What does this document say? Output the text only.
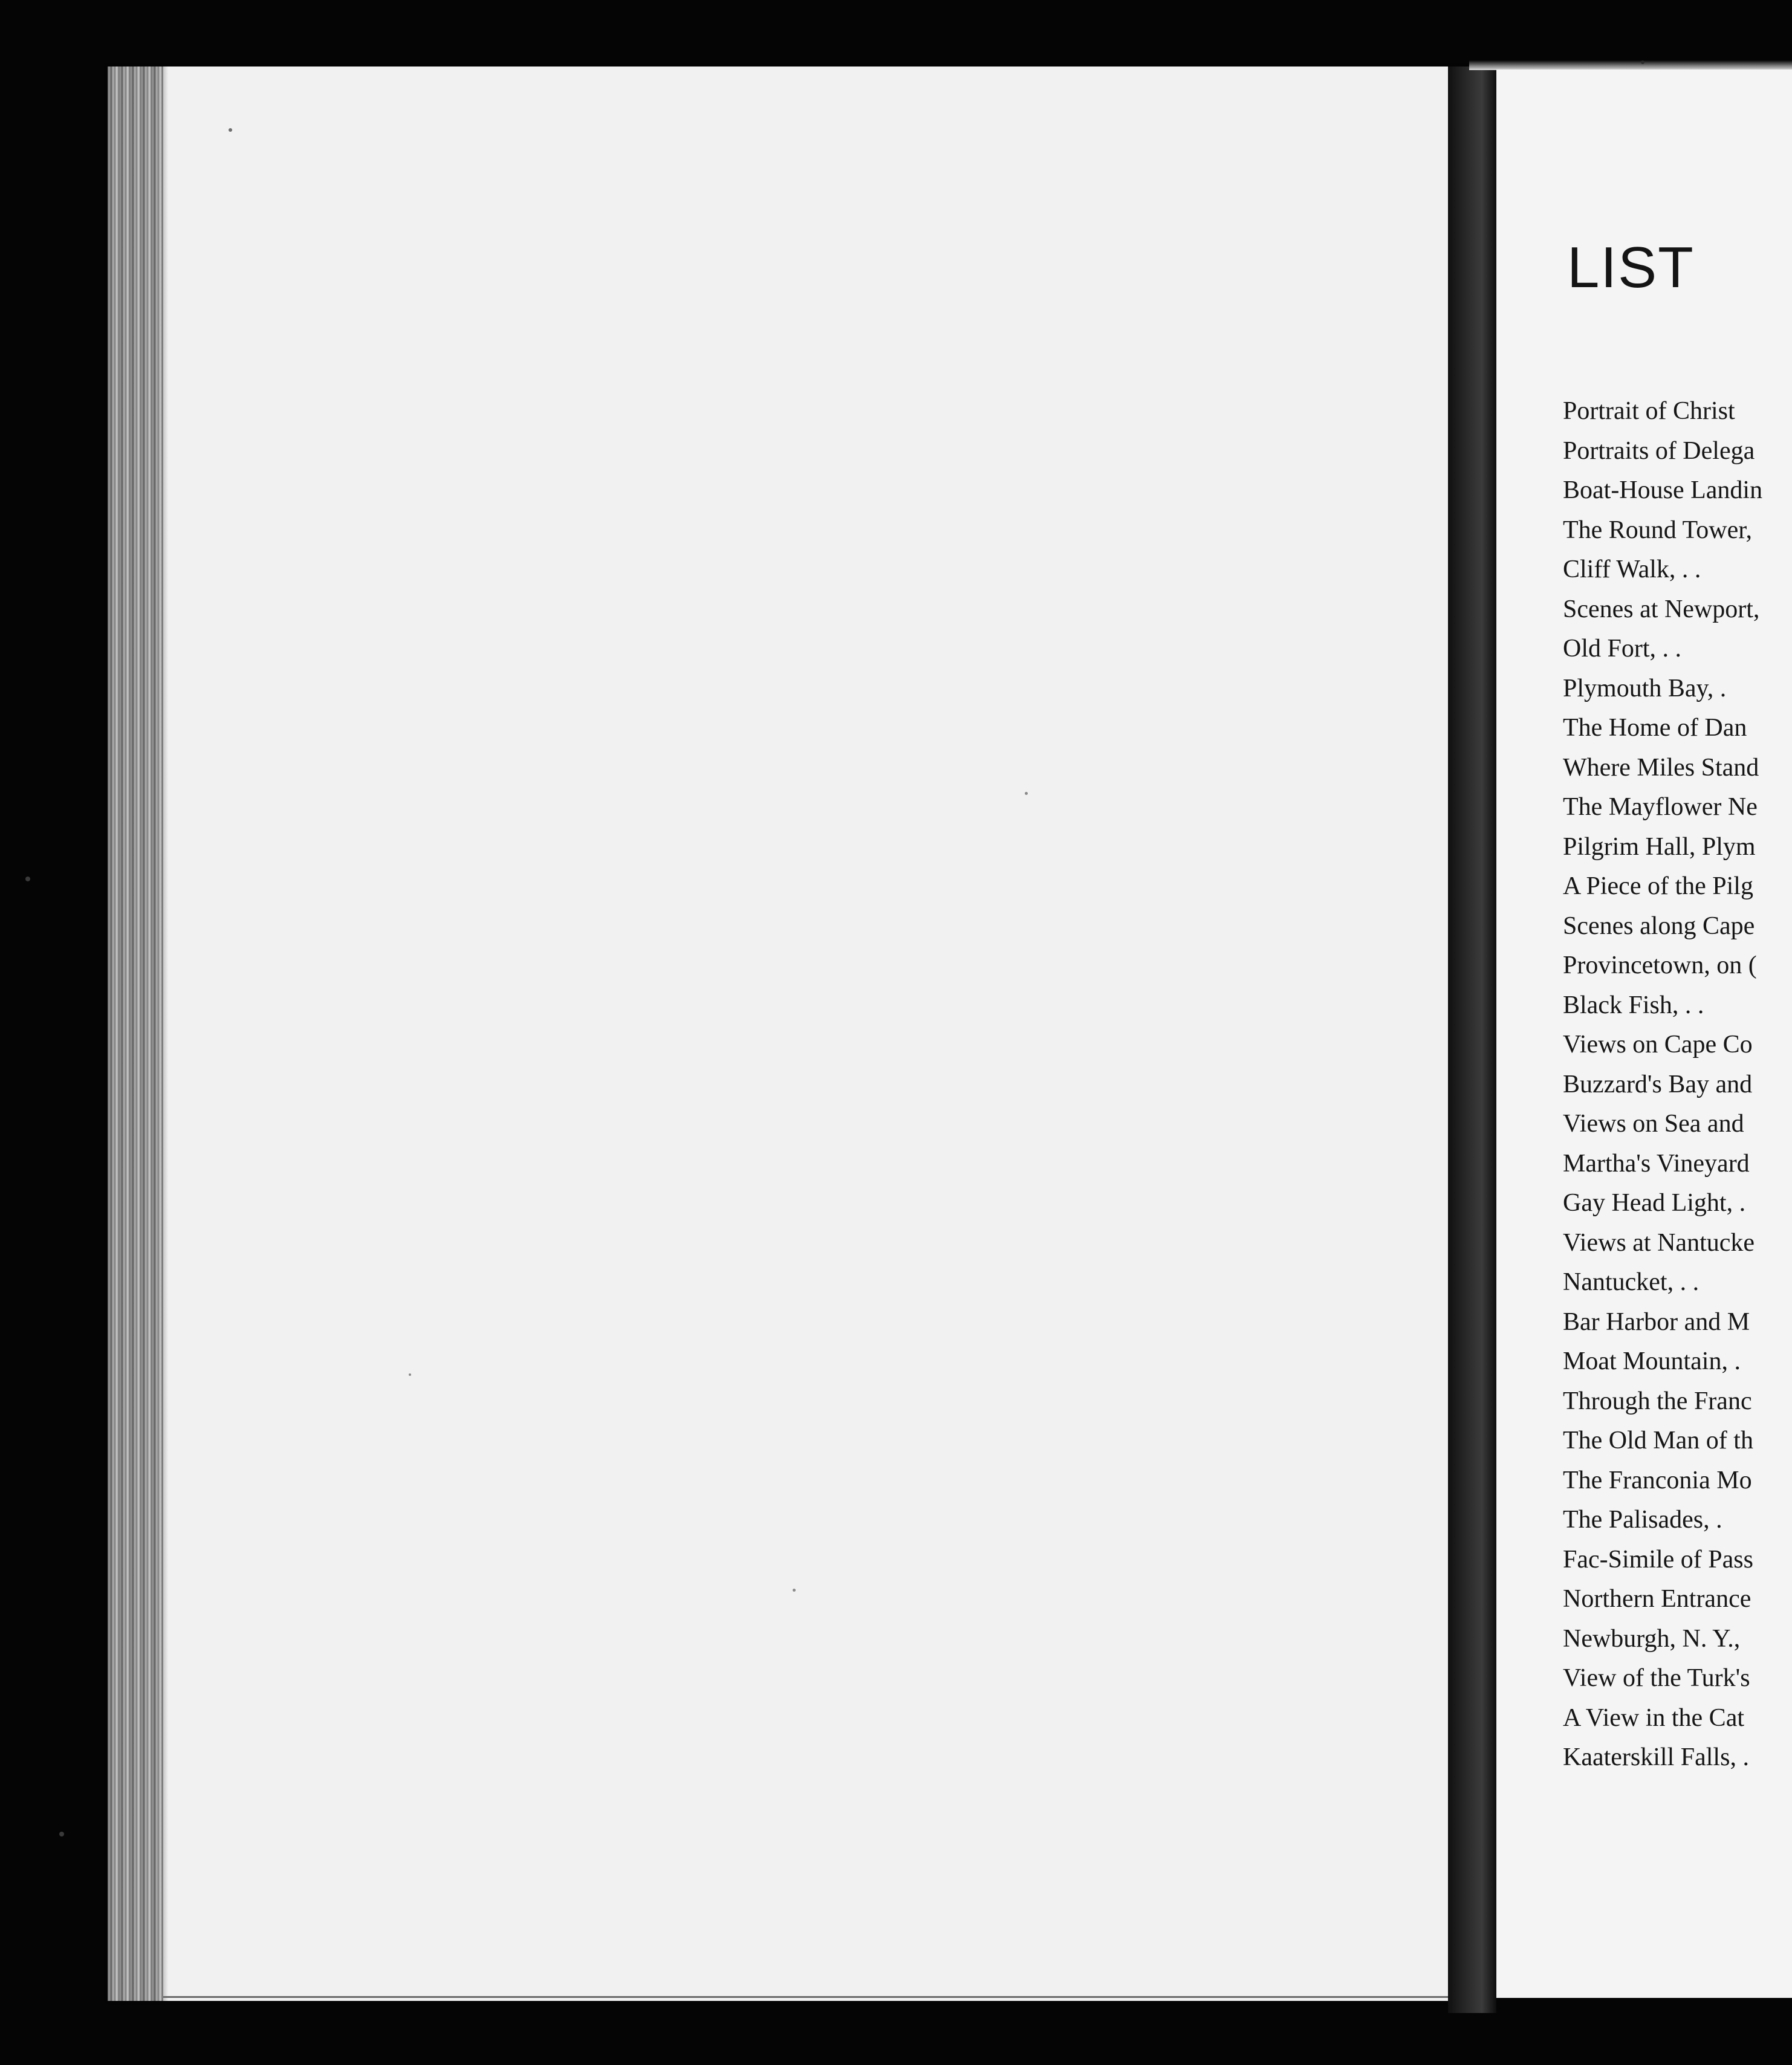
LIST
Portrait of Christ
Portraits of Delega
Boat-House Landin
The Round Tower,
Cliff Walk, . .
Scenes at Newport,
Old Fort, . .
Plymouth Bay, .
The Home of Dan
Where Miles Stand
The Mayflower Ne
Pilgrim Hall, Plym
A Piece of the Pilg
Scenes along Cape
Provincetown, on (
Black Fish, . .
Views on Cape Co
Buzzard's Bay and
Views on Sea and
Martha's Vineyard
Gay Head Light, .
Views at Nantucke
Nantucket, . .
Bar Harbor and M
Moat Mountain, .
Through the Franc
The Old Man of th
The Franconia Mo
The Palisades, .
Fac-Simile of Pass
Northern Entrance
Newburgh, N. Y.,
View of the Turk's
A View in the Cat
Kaaterskill Falls, .
